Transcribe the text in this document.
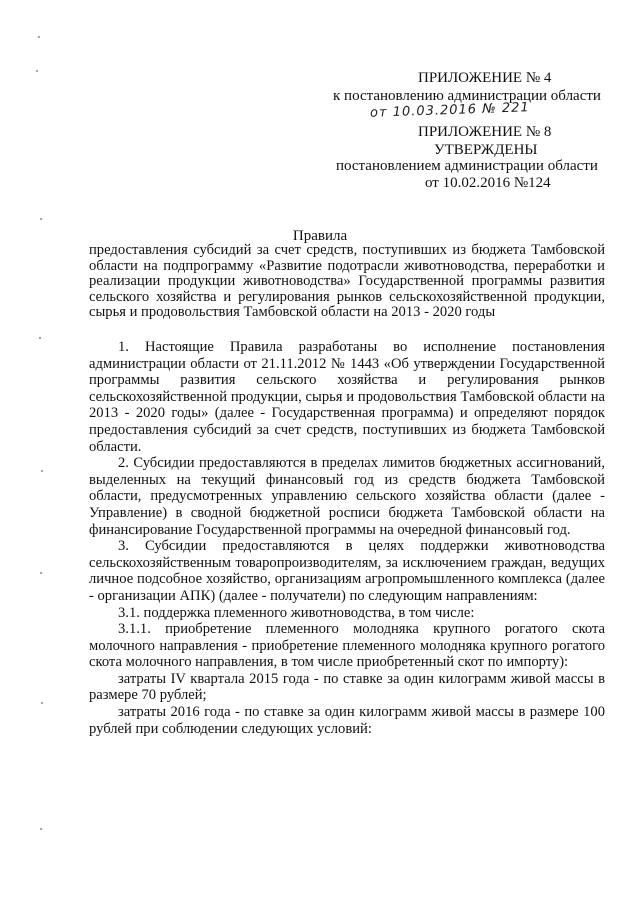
ПРИЛОЖЕНИЕ № 4
к постановлению администрации области
от 10.03.2016 № 221
ПРИЛОЖЕНИЕ № 8
УТВЕРЖДЕНЫ
постановлением администрации области
от 10.02.2016 №124
Правила

предоставления субсидий за счет средств, поступивших из бюджета Тамбовской области на подпрограмму «Развитие подотрасли животноводства, переработки и реализации продукции животноводства» Государственной программы развития сельского хозяйства и регулирования рынков сельскохозяйственной продукции, сырья и продовольствия Тамбовской области на 2013 - 2020 годы

1. Настоящие Правила разработаны во исполнение постановления администрации области от 21.11.2012 № 1443 «Об утверждении Государственной программы развития сельского хозяйства и регулирования рынков сельскохозяйственной продукции, сырья и продовольствия Тамбовской области на 2013 - 2020 годы» (далее - Государственная программа) и определяют порядок предоставления субсидий за счет средств, поступивших из бюджета Тамбовской области.

2. Субсидии предоставляются в пределах лимитов бюджетных ассигнований, выделенных на текущий финансовый год из средств бюджета Тамбовской области, предусмотренных управлению сельского хозяйства области (далее - Управление) в сводной бюджетной росписи бюджета Тамбовской области на финансирование Государственной программы на очередной финансовый год.

3. Субсидии предоставляются в целях поддержки животноводства сельскохозяйственным товаропроизводителям, за исключением граждан, ведущих личное подсобное хозяйство, организациям агропромышленного комплекса (далее - организации АПК) (далее - получатели) по следующим направлениям:

3.1. поддержка племенного животноводства, в том числе:

3.1.1. приобретение племенного молодняка крупного рогатого скота молочного направления - приобретение племенного молодняка крупного рогатого скота молочного направления, в том числе приобретенный скот по импорту):

затраты IV квартала 2015 года - по ставке за один килограмм живой массы в размере 70 рублей;

затраты 2016 года - по ставке за один килограмм живой массы в размере 100 рублей при соблюдении следующих условий:
